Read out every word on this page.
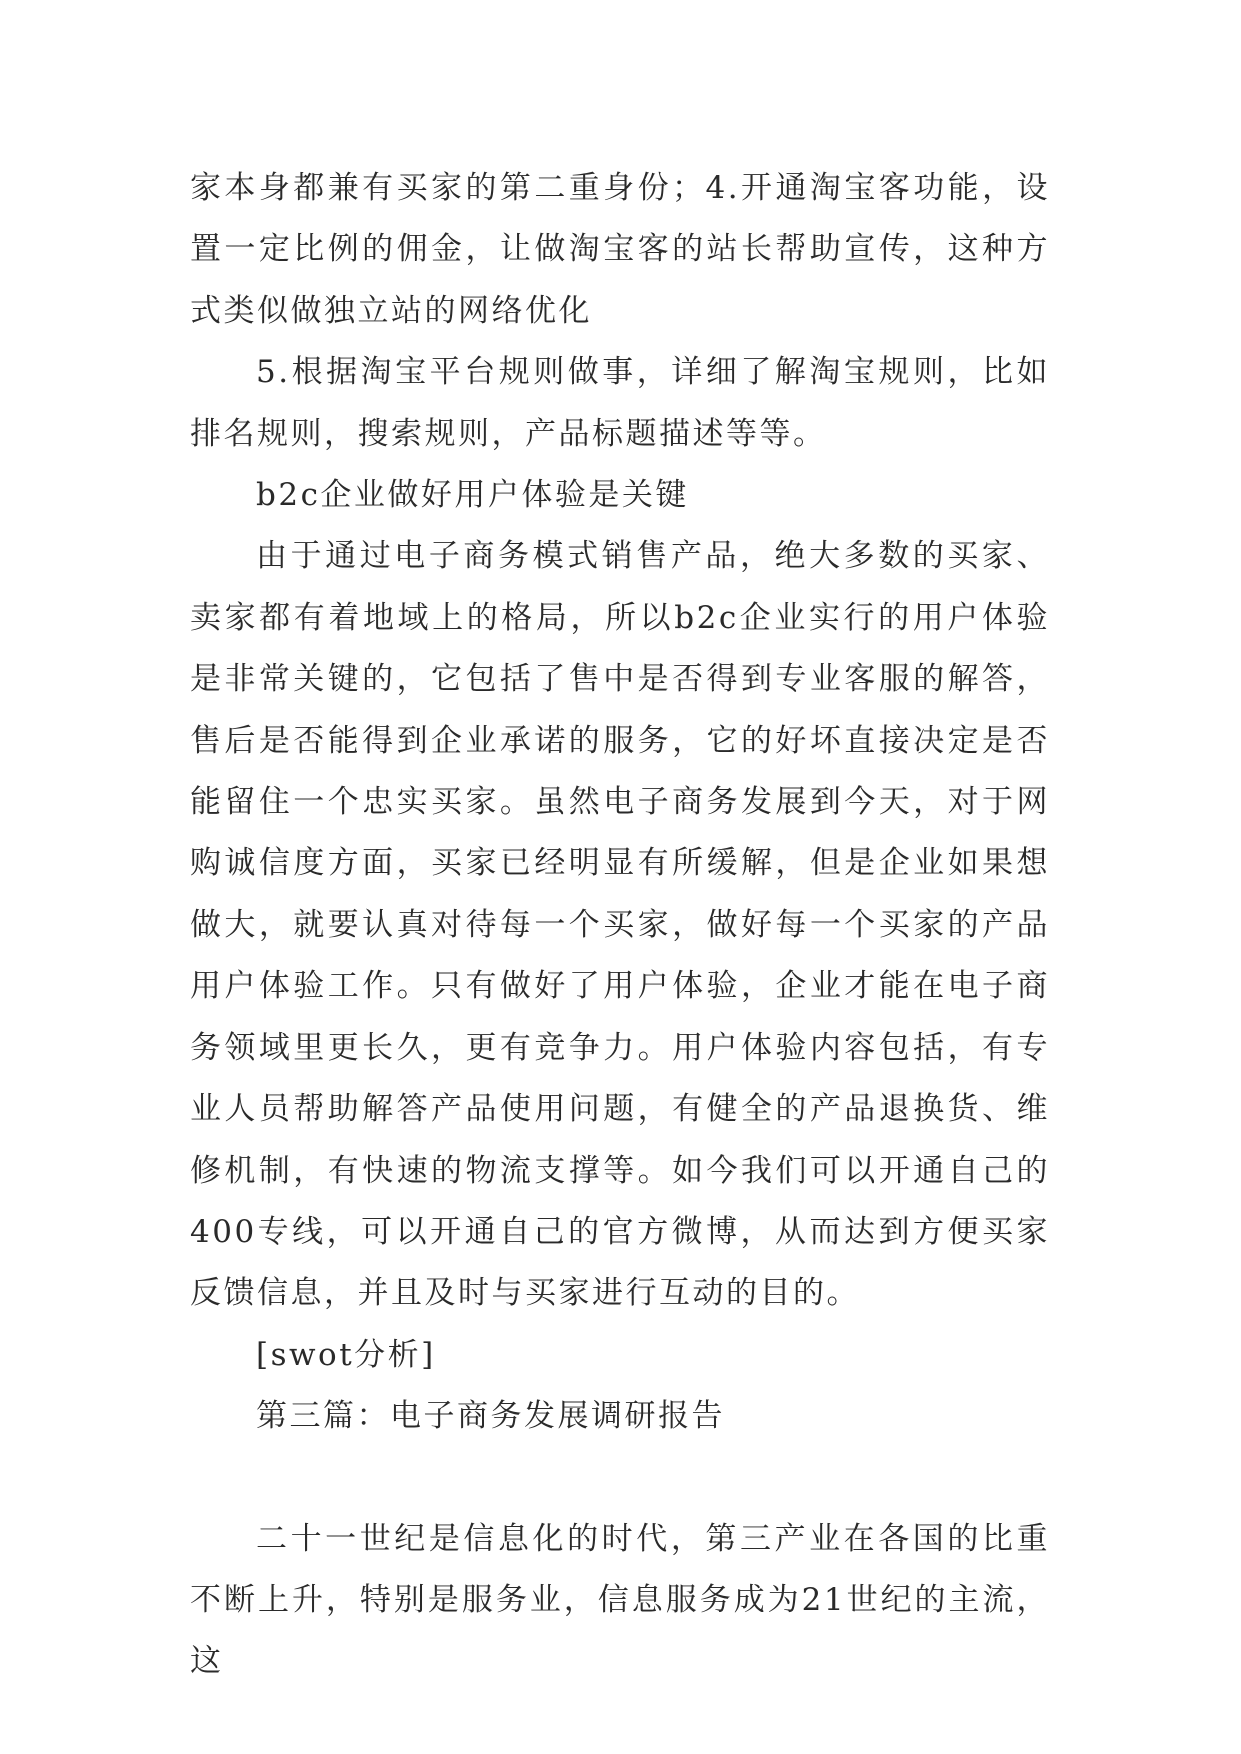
家本身都兼有买家的第二重身份；4.开通淘宝客功能，设置一定比例的佣金，让做淘宝客的站长帮助宣传，这种方式类似做独立站的网络优化

5.根据淘宝平台规则做事，详细了解淘宝规则，比如排名规则，搜索规则，产品标题描述等等。

b2c企业做好用户体验是关键

由于通过电子商务模式销售产品，绝大多数的买家、卖家都有着地域上的格局，所以b2c企业实行的用户体验是非常关键的，它包括了售中是否得到专业客服的解答，售后是否能得到企业承诺的服务，它的好坏直接决定是否能留住一个忠实买家。虽然电子商务发展到今天，对于网购诚信度方面，买家已经明显有所缓解，但是企业如果想做大，就要认真对待每一个买家，做好每一个买家的产品用户体验工作。只有做好了用户体验，企业才能在电子商务领域里更长久，更有竞争力。用户体验内容包括，有专业人员帮助解答产品使用问题，有健全的产品退换货、维修机制，有快速的物流支撑等。如今我们可以开通自己的400专线，可以开通自己的官方微博，从而达到方便买家反馈信息，并且及时与买家进行互动的目的。

[swot分析]

第三篇：电子商务发展调研报告

二十一世纪是信息化的时代，第三产业在各国的比重不断上升，特别是服务业，信息服务成为21世纪的主流，这
